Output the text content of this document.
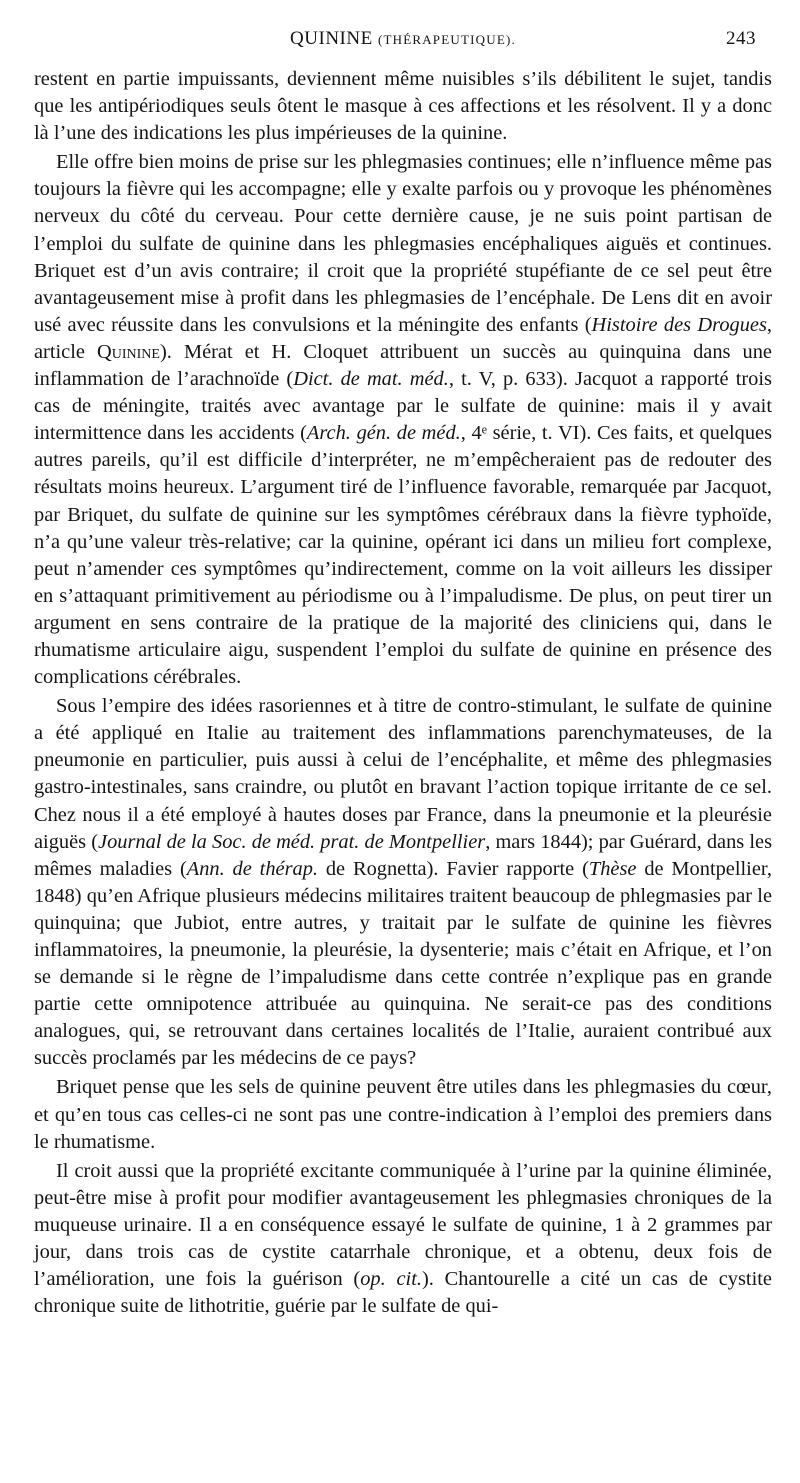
QUININE (THÉRAPEUTIQUE).	243

restent en partie impuissants, deviennent même nuisibles s’ils débilitent le sujet, tandis que les antipériodiques seuls ôtent le masque à ces affections et les résolvent. Il y a donc là l’une des indications les plus impérieuses de la quinine.

Elle offre bien moins de prise sur les phlegmasies continues; elle n’influence même pas toujours la fièvre qui les accompagne; elle y exalte parfois ou y provoque les phénomènes nerveux du côté du cerveau. Pour cette dernière cause, je ne suis point partisan de l’emploi du sulfate de quinine dans les phlegmasies encéphaliques aiguës et continues. Briquet est d’un avis contraire; il croit que la propriété stupéfiante de ce sel peut être avantageusement mise à profit dans les phlegmasies de l’encéphale. De Lens dit en avoir usé avec réussite dans les convulsions et la méningite des enfants (Histoire des Drogues, article Quinine). Mérat et H. Cloquet attribuent un succès au quinquina dans une inflammation de l’arachnoïde (Dict. de mat. méd., t. V, p. 633). Jacquot a rapporté trois cas de méningite, traités avec avantage par le sulfate de quinine: mais il y avait intermittence dans les accidents (Arch. gén. de méd., 4ᵉ série, t. VI). Ces faits, et quelques autres pareils, qu’il est difficile d’interpréter, ne m’empêcheraient pas de redouter des résultats moins heureux. L’argument tiré de l’influence favorable, remarquée par Jacquot, par Briquet, du sulfate de quinine sur les symptômes cérébraux dans la fièvre typhoïde, n’a qu’une valeur très-relative; car la quinine, opérant ici dans un milieu fort complexe, peut n’amender ces symptômes qu’indirectement, comme on la voit ailleurs les dissiper en s’attaquant primitivement au périodisme ou à l’impaludisme. De plus, on peut tirer un argument en sens contraire de la pratique de la majorité des cliniciens qui, dans le rhumatisme articulaire aigu, suspendent l’emploi du sulfate de quinine en présence des complications cérébrales.

Sous l’empire des idées rasoriennes et à titre de contro-stimulant, le sulfate de quinine a été appliqué en Italie au traitement des inflammations parenchymateuses, de la pneumonie en particulier, puis aussi à celui de l’encéphalite, et même des phlegmasies gastro-intestinales, sans craindre, ou plutôt en bravant l’action topique irritante de ce sel. Chez nous il a été employé à hautes doses par France, dans la pneumonie et la pleurésie aiguës (Journal de la Soc. de méd. prat. de Montpellier, mars 1844); par Guérard, dans les mêmes maladies (Ann. de thérap. de Rognetta). Favier rapporte (Thèse de Montpellier, 1848) qu’en Afrique plusieurs médecins militaires traitent beaucoup de phlegmasies par le quinquina; que Jubiot, entre autres, y traitait par le sulfate de quinine les fièvres inflammatoires, la pneumonie, la pleurésie, la dysenterie; mais c’était en Afrique, et l’on se demande si le règne de l’impaludisme dans cette contrée n’explique pas en grande partie cette omnipotence attribuée au quinquina. Ne serait-ce pas des conditions analogues, qui, se retrouvant dans certaines localités de l’Italie, auraient contribué aux succès proclamés par les médecins de ce pays?

Briquet pense que les sels de quinine peuvent être utiles dans les phlegmasies du cœur, et qu’en tous cas celles-ci ne sont pas une contre-indication à l’emploi des premiers dans le rhumatisme.

Il croit aussi que la propriété excitante communiquée à l’urine par la quinine éliminée, peut-être mise à profit pour modifier avantageusement les phlegmasies chroniques de la muqueuse urinaire. Il a en conséquence essayé le sulfate de quinine, 1 à 2 grammes par jour, dans trois cas de cystite catarrhale chronique, et a obtenu, deux fois de l’amélioration, une fois la guérison (op. cit.). Chantourelle a cité un cas de cystite chronique suite de lithotritie, guérie par le sulfate de qui-
